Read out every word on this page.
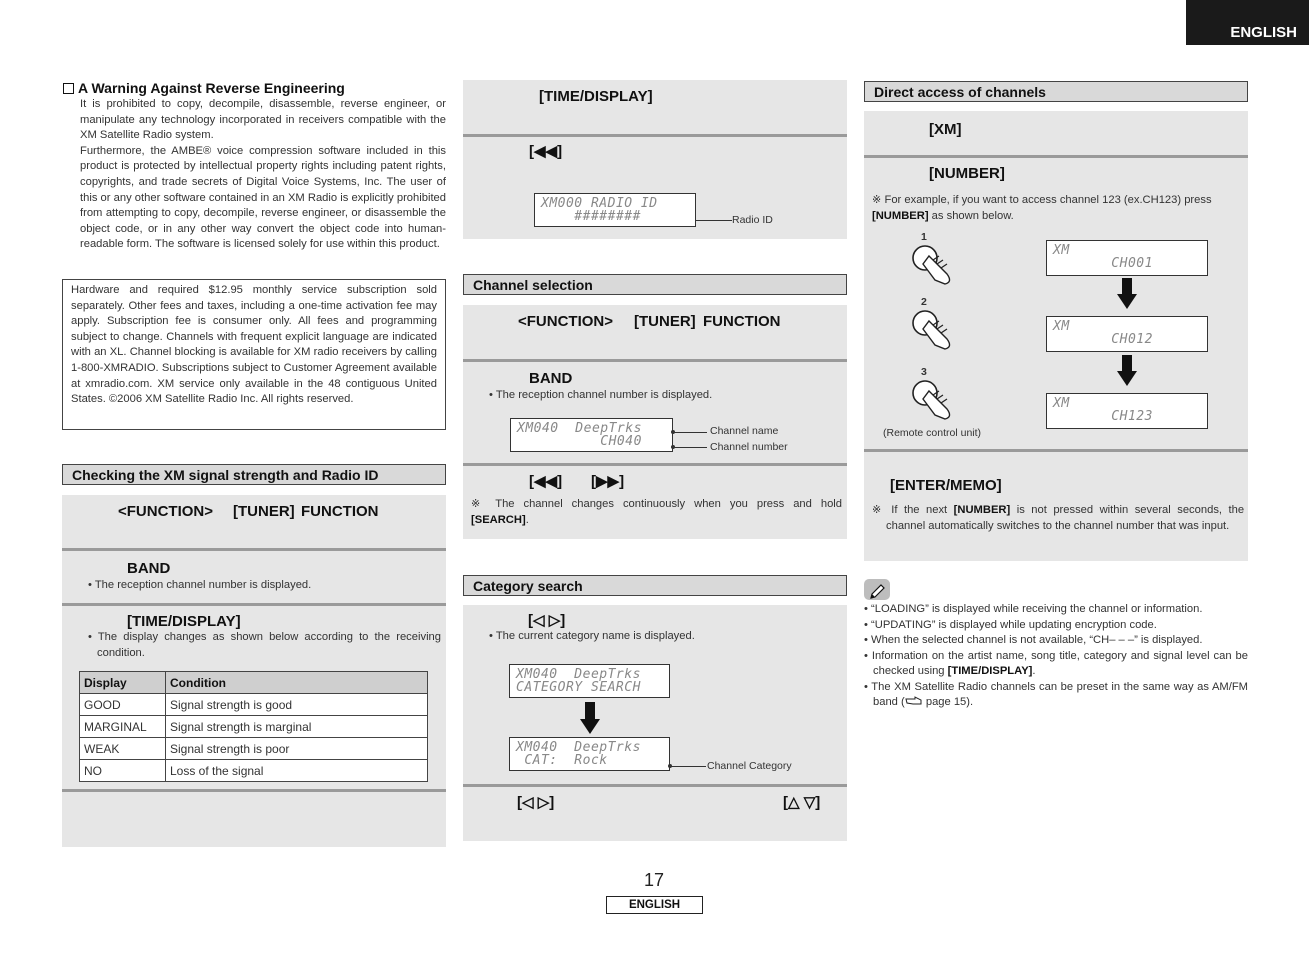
ENGLISH
A Warning Against Reverse Engineering
It is prohibited to copy, decompile, disassemble, reverse engineer, or manipulate any technology incorporated in receivers compatible with the XM Satellite Radio system.
Furthermore, the AMBE® voice compression software included in this product is protected by intellectual property rights including patent rights, copyrights, and trade secrets of Digital Voice Systems, Inc. The user of this or any other software contained in an XM Radio is explicitly prohibited from attempting to copy, decompile, reverse engineer, or disassemble the object code, or in any other way convert the object code into human-readable form. The software is licensed solely for use within this product.
Hardware and required $12.95 monthly service subscription sold separately. Other fees and taxes, including a one-time activation fee may apply. Subscription fee is consumer only. All fees and programming subject to change. Channels with frequent explicit language are indicated with an XL. Channel blocking is available for XM radio receivers by calling 1-800-XMRADIO. Subscriptions subject to Customer Agreement available at xmradio.com. XM service only available in the 48 contiguous United States. ©2006 XM Satellite Radio Inc. All rights reserved.
Checking the XM signal strength and Radio ID
<FUNCTION> [TUNER] FUNCTION
BAND
• The reception channel number is displayed.
[TIME/DISPLAY]
• The display changes as shown below according to the receiving condition.
Display	Condition
GOOD	Signal strength is good
MARGINAL	Signal strength is marginal
WEAK	Signal strength is poor
NO	Loss of the signal
[TIME/DISPLAY]
[◀◀]
XM000 RADIO ID
########	Radio ID
Channel selection
<FUNCTION> [TUNER] FUNCTION
BAND
• The reception channel number is displayed.
XM040  DeepTrks
CH040
Channel name
Channel number
[◀◀] [▶▶]
※ The channel changes continuously when you press and hold [SEARCH].
Category search
[◁ ▷]
• The current category name is displayed.
XM040  DeepTrks
CATEGORY SEARCH
XM040  DeepTrks
CAT:  Rock	Channel Category
[◁ ▷]	[△ ▽]
Direct access of channels
[XM]
[NUMBER]
※ For example, if you want to access channel 123 (ex.CH123) press [NUMBER] as shown below.
1
2
3
(Remote control unit)
XM
CH001
XM
CH012
XM
CH123
[ENTER/MEMO]
※ If the next [NUMBER] is not pressed within several seconds, the channel automatically switches to the channel number that was input.
• “LOADING” is displayed while receiving the channel or information.
• “UPDATING” is displayed while updating encryption code.
• When the selected channel is not available, “CH– – –” is displayed.
• Information on the artist name, song title, category and signal level can be checked using [TIME/DISPLAY].
• The XM Satellite Radio channels can be preset in the same way as AM/FM band ( page 15).
17
ENGLISH
